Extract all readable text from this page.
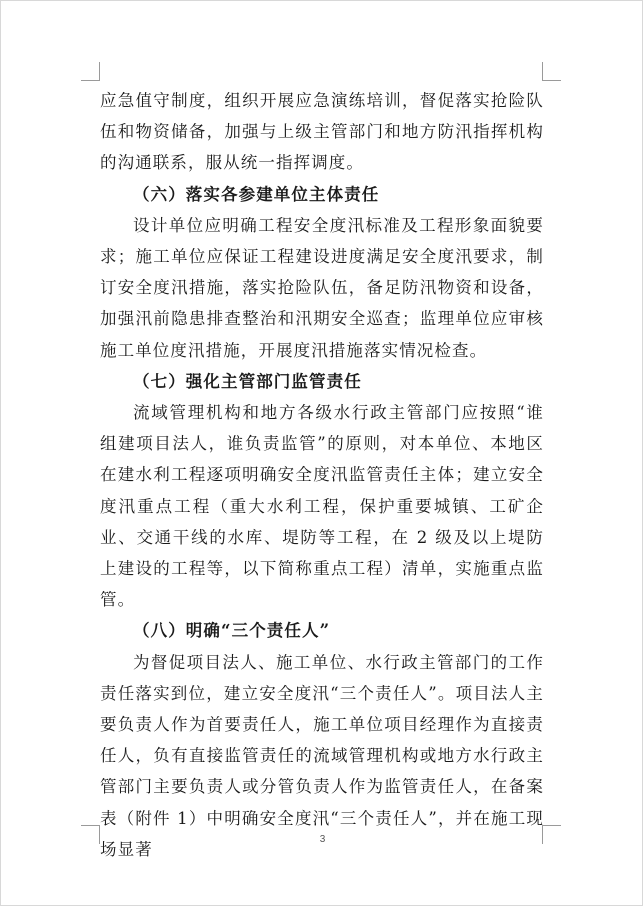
应急值守制度，组织开展应急演练培训，督促落实抢险队伍和物资储备，加强与上级主管部门和地方防汛指挥机构的沟通联系，服从统一指挥调度。

（六）落实各参建单位主体责任

设计单位应明确工程安全度汛标准及工程形象面貌要求；施工单位应保证工程建设进度满足安全度汛要求，制订安全度汛措施，落实抢险队伍，备足防汛物资和设备，加强汛前隐患排查整治和汛期安全巡查；监理单位应审核施工单位度汛措施，开展度汛措施落实情况检查。

（七）强化主管部门监管责任

流域管理机构和地方各级水行政主管部门应按照“谁组建项目法人，谁负责监管”的原则，对本单位、本地区在建水利工程逐项明确安全度汛监管责任主体；建立安全度汛重点工程（重大水利工程，保护重要城镇、工矿企业、交通干线的水库、堤防等工程，在 2 级及以上堤防上建设的工程等，以下简称重点工程）清单，实施重点监管。

（八）明确“三个责任人”

为督促项目法人、施工单位、水行政主管部门的工作责任落实到位，建立安全度汛“三个责任人”。项目法人主要负责人作为首要责任人，施工单位项目经理作为直接责任人，负有直接监管责任的流域管理机构或地方水行政主管部门主要负责人或分管负责人作为监管责任人，在备案表（附件 1）中明确安全度汛“三个责任人”，并在施工现场显著

3
